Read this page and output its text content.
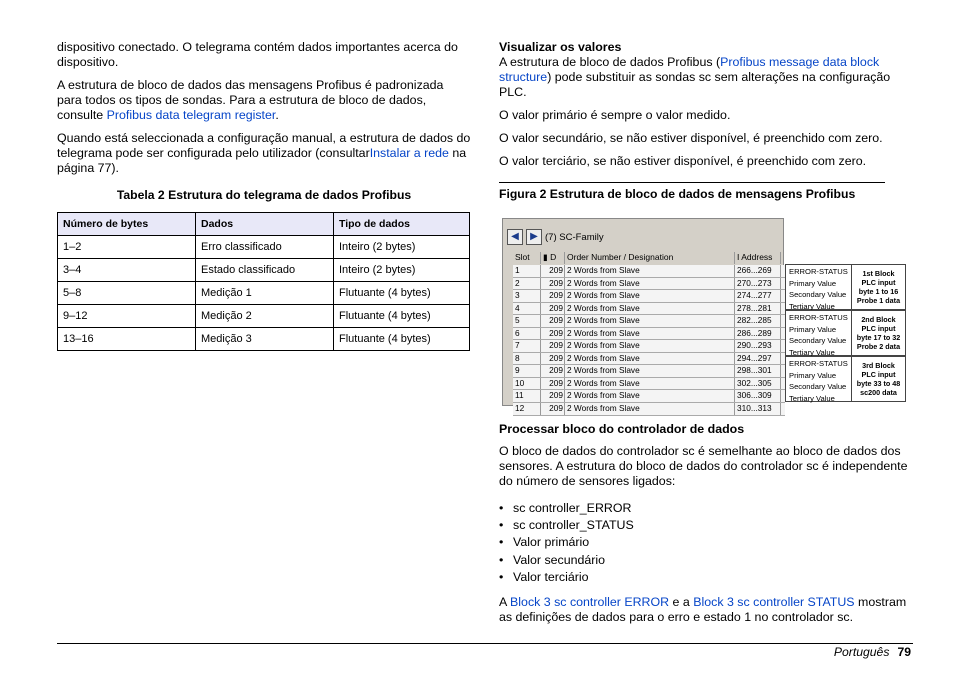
dispositivo conectado. O telegrama contém dados importantes acerca do dispositivo.

A estrutura de bloco de dados das mensagens Profibus é padronizada para todos os tipos de sondas. Para a estrutura de bloco de dados, consulte Profibus data telegram register.

Quando está seleccionada a configuração manual, a estrutura de dados do telegrama pode ser configurada pelo utilizador (consultarInstalar a rede na página 77).

Tabela 2 Estrutura do telegrama de dados Profibus
Número de bytes	Dados	Tipo de dados
1–2	Erro classificado	Inteiro (2 bytes)
3–4	Estado classificado	Inteiro (2 bytes)
5–8	Medição 1	Flutuante (4 bytes)
9–12	Medição 2	Flutuante (4 bytes)
13–16	Medição 3	Flutuante (4 bytes)
Visualizar os valores

A estrutura de bloco de dados Profibus (Profibus message data block structure) pode substituir as sondas sc sem alterações na configuração PLC.

O valor primário é sempre o valor medido.

O valor secundário, se não estiver disponível, é preenchido com zero.

O valor terciário, se não estiver disponível, é preenchido com zero.

Figura 2 Estrutura de bloco de dados de mensagens Profibus
◀	▶ (7) SC-Family
Slot	▮ D	Order Number / Designation	I Address
1	209 2 Words from Slave	266...269
2	209 2 Words from Slave	270...273
3	209 2 Words from Slave	274...277
4	209 2 Words from Slave	278...281
5	209 2 Words from Slave	282...285
6	209 2 Words from Slave	286...289
7	209 2 Words from Slave	290...293
8	209 2 Words from Slave	294...297
9	209 2 Words from Slave	298...301
10	209 2 Words from Slave	302...305
11	209 2 Words from Slave	306...309
12	209 2 Words from Slave	310...313
ERROR-STATUS
Primary Value
Secondary Value
Tertiary Value
1st Block
PLC input
byte 1 to 16
Probe 1 data
ERROR-STATUS
Primary Value
Secondary Value
Tertiary Value
2nd Block
PLC input
byte 17 to 32
Probe 2 data
ERROR-STATUS
Primary Value
Secondary Value
Tertiary Value
3rd Block
PLC input
byte 33 to 48
sc200 data
Processar bloco do controlador de dados

O bloco de dados do controlador sc é semelhante ao bloco de dados dos sensores. A estrutura do bloco de dados do controlador sc é independente do número de sensores ligados:

• sc controller_ERROR
• sc controller_STATUS
• Valor primário
• Valor secundário
• Valor terciário

A Block 3 sc controller ERROR e a Block 3 sc controller STATUS mostram as definições de dados para o erro e estado 1 no controlador sc.

Português 79
